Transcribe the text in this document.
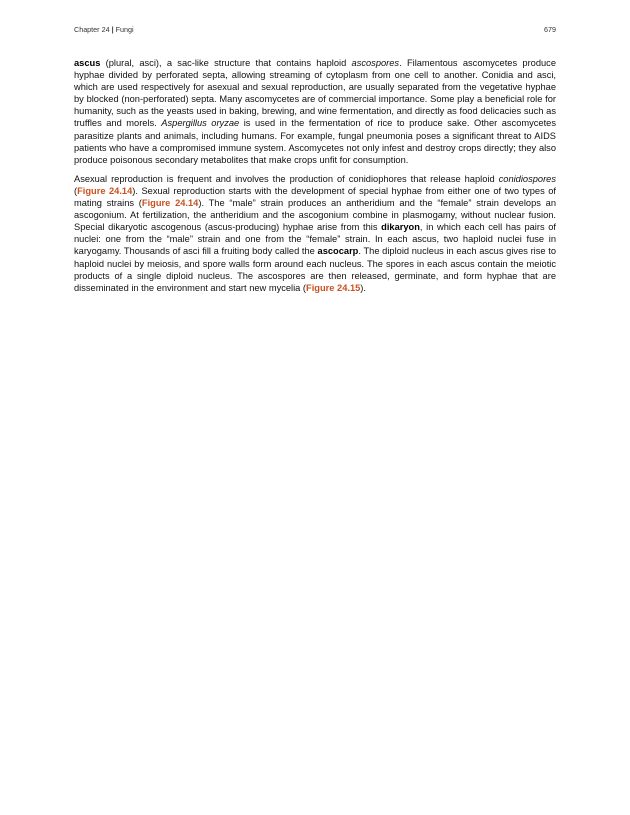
Chapter 24 | Fungi	679

ascus (plural, asci), a sac-like structure that contains haploid ascospores. Filamentous ascomycetes produce hyphae divided by perforated septa, allowing streaming of cytoplasm from one cell to another. Conidia and asci, which are used respectively for asexual and sexual reproduction, are usually separated from the vegetative hyphae by blocked (non-perforated) septa. Many ascomycetes are of commercial importance. Some play a beneficial role for humanity, such as the yeasts used in baking, brewing, and wine fermentation, and directly as food delicacies such as truffles and morels. Aspergillus oryzae is used in the fermentation of rice to produce sake. Other ascomycetes parasitize plants and animals, including humans. For example, fungal pneumonia poses a significant threat to AIDS patients who have a compromised immune system. Ascomycetes not only infest and destroy crops directly; they also produce poisonous secondary metabolites that make crops unfit for consumption.

Asexual reproduction is frequent and involves the production of conidiophores that release haploid conidiospores (Figure 24.14). Sexual reproduction starts with the development of special hyphae from either one of two types of mating strains (Figure 24.14). The “male” strain produces an antheridium and the “female” strain develops an ascogonium. At fertilization, the antheridium and the ascogonium combine in plasmogamy, without nuclear fusion. Special dikaryotic ascogenous (ascus-producing) hyphae arise from this dikaryon, in which each cell has pairs of nuclei: one from the “male” strain and one from the “female” strain. In each ascus, two haploid nuclei fuse in karyogamy. Thousands of asci fill a fruiting body called the ascocarp. The diploid nucleus in each ascus gives rise to haploid nuclei by meiosis, and spore walls form around each nucleus. The spores in each ascus contain the meiotic products of a single diploid nucleus. The ascospores are then released, germinate, and form hyphae that are disseminated in the environment and start new mycelia (Figure 24.15).
